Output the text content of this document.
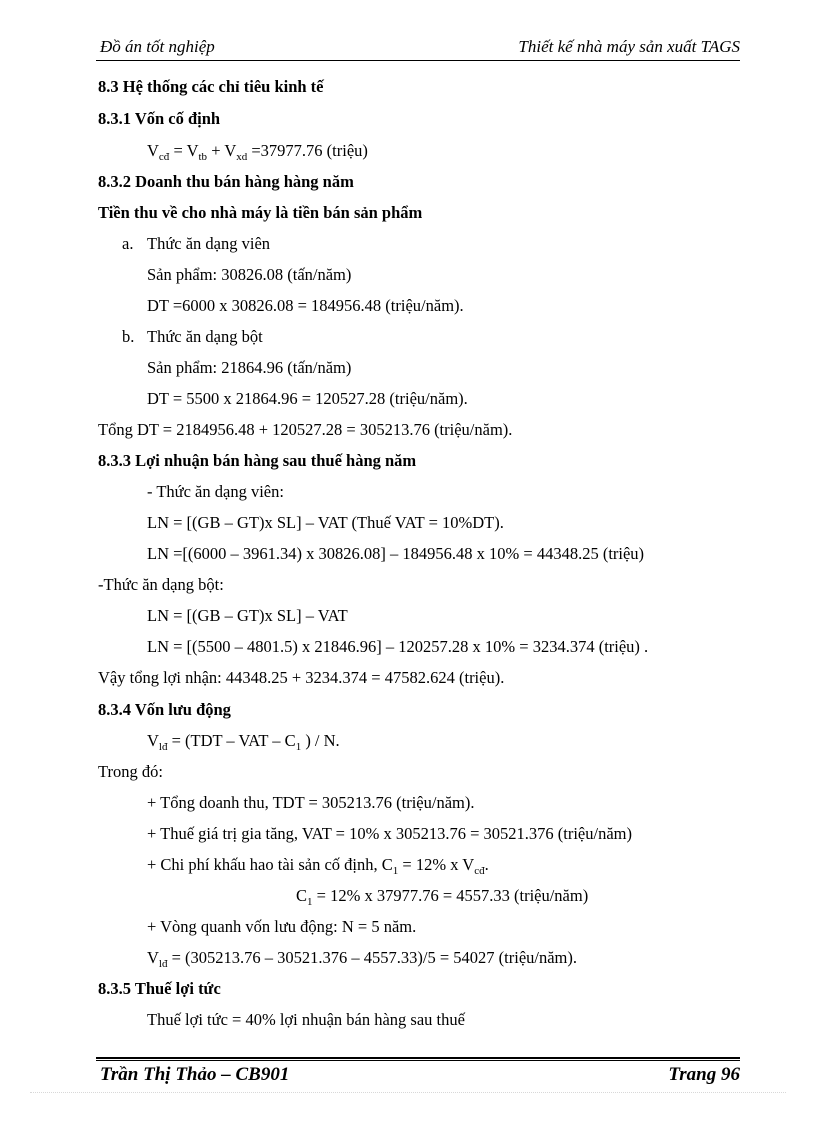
Đồ án tốt nghiệp	Thiết kế nhà máy sản xuất TAGS
8.3 Hệ thống các chỉ tiêu kinh tế
8.3.1 Vốn cố định
$V_{cđ} = V_{tb} + V_{xd} =37977.76$ (triệu)
8.3.2 Doanh thu bán hàng hàng năm
Tiền thu về cho nhà máy là tiền bán sản phẩm
a. Thức ăn dạng viên
Sản phẩm: 30826.08 (tấn/năm)
DT =6000 x 30826.08 = 184956.48 (triệu/năm).
b. Thức ăn dạng bột
Sản phẩm: 21864.96 (tấn/năm)
DT = 5500 x 21864.96 = 120527.28 (triệu/năm).
Tổng DT = 2184956.48 + 120527.28 = 305213.76 (triệu/năm).
8.3.3 Lợi nhuận bán hàng sau thuế hàng năm
- Thức ăn dạng viên:
LN = [(GB – GT)x SL] – VAT (Thuế VAT = 10%DT).
LN =[(6000 – 3961.34) x 30826.08] – 184956.48 x 10% = 44348.25 (triệu)
-Thức ăn dạng bột:
LN = [(GB – GT)x SL] – VAT
LN = [(5500 – 4801.5) x 21846.96] – 120257.28 x 10% = 3234.374 (triệu) .
Vậy tổng lợi nhận: 44348.25 + 3234.374 = 47582.624 (triệu).
8.3.4 Vốn lưu động
$V_{lđ} = (TDT$ – VAT – $C_1$ ) / N.
Trong đó:
+ Tổng doanh thu, TDT = 305213.76 (triệu/năm).
+ Thuế giá trị gia tăng, VAT = 10% x 305213.76 = 30521.376 (triệu/năm)
+ Chi phí khấu hao tài sản cố định, $C_1 = 12\%$ x $V_{cđ}$.
$C_1 = 12\%$ x 37977.76 = 4557.33 (triệu/năm)
+ Vòng quanh vốn lưu động: N = 5 năm.
$V_{lđ} = (305213.76 - 30521.376 - 4557.33)/5 = 54027$ (triệu/năm).
8.3.5 Thuế lợi tức
Thuế lợi tức = 40% lợi nhuận bán hàng sau thuế
Trần Thị Thảo – CB901	Trang 96
